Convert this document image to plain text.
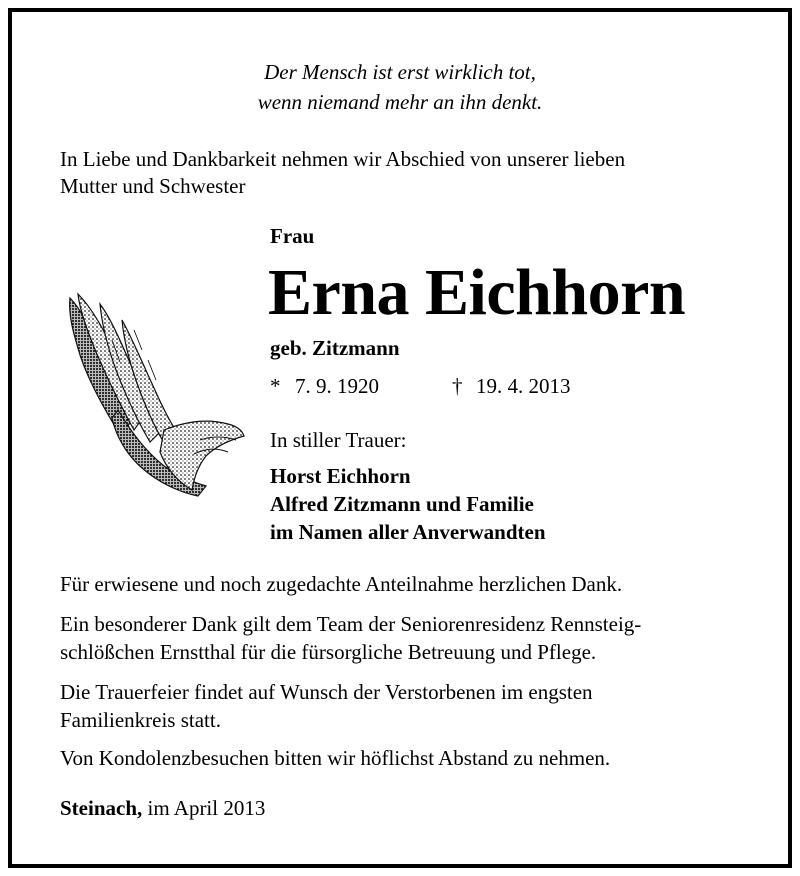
Der Mensch ist erst wirklich tot,

wenn niemand mehr an ihn denkt.

In Liebe und Dankbarkeit nehmen wir Abschied von unserer lieben

Mutter und Schwester

Frau

Erna Eichhorn

geb. Zitzmann

* 7. 9. 1920	† 19. 4. 2013

In stiller Trauer:

Horst Eichhorn

Alfred Zitzmann und Familie

im Namen aller Anverwandten

Für erwiesene und noch zugedachte Anteilnahme herzlichen Dank.

Ein besonderer Dank gilt dem Team der Seniorenresidenz Rennsteig-

schlößchen Ernstthal für die fürsorgliche Betreuung und Pflege.

Die Trauerfeier findet auf Wunsch der Verstorbenen im engsten

Familienkreis statt.

Von Kondolenzbesuchen bitten wir höflichst Abstand zu nehmen.

Steinach, im April 2013
